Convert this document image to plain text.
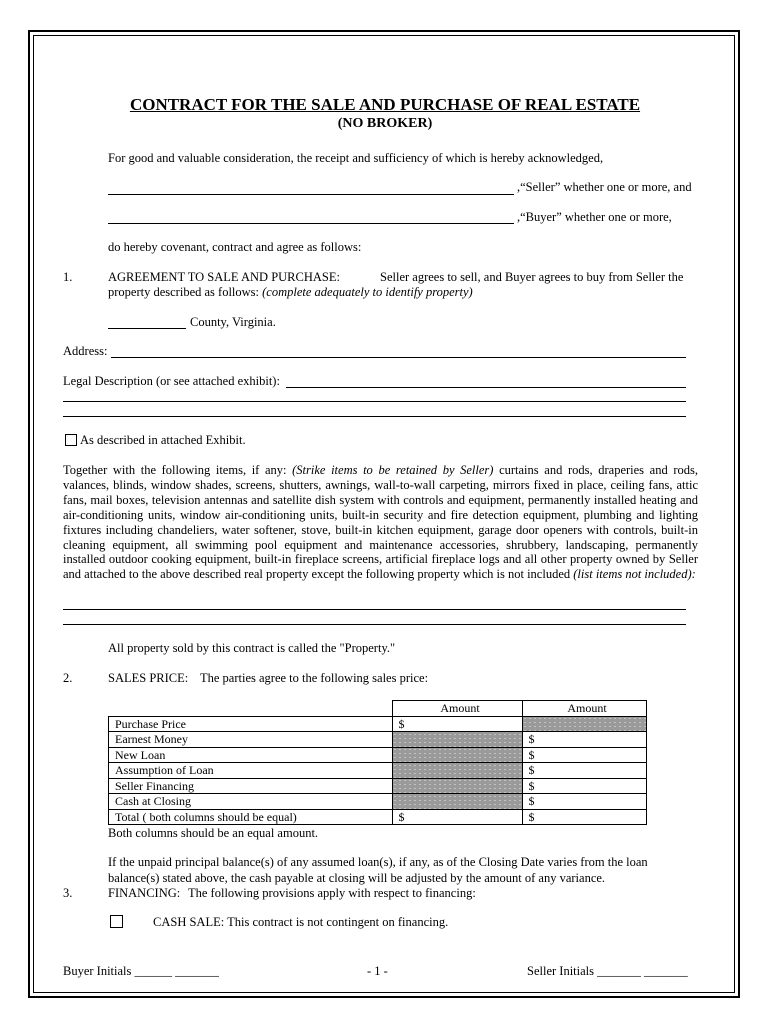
CONTRACT FOR THE SALE AND PURCHASE OF REAL ESTATE
(NO BROKER)
For good and valuable consideration, the receipt and sufficiency of which is hereby acknowledged,
,“Seller” whether one or more, and
,“Buyer” whether one or more,
do hereby covenant, contract and agree as follows:
1.	AGREEMENT TO SALE AND PURCHASE:	Seller agrees to sell, and Buyer agrees to buy from Seller the
property described as follows: (complete adequately to identify property)
County, Virginia.
Address:
Legal Description (or see attached exhibit):
As described in attached Exhibit.
Together with the following items, if any: (Strike items to be retained by Seller) curtains and rods, draperies and rods, valances, blinds, window shades, screens, shutters, awnings, wall-to-wall carpeting, mirrors fixed in place, ceiling fans, attic fans, mail boxes, television antennas and satellite dish system with controls and equipment, permanently installed heating and air-conditioning units, window air-conditioning units, built-in security and fire detection equipment, plumbing and lighting fixtures including chandeliers, water softener, stove, built-in kitchen equipment, garage door openers with controls, built-in cleaning equipment, all swimming pool equipment and maintenance accessories, shrubbery, landscaping, permanently installed outdoor cooking equipment, built-in fireplace screens, artificial fireplace logs and all other property owned by Seller and attached to the above described real property except the following property which is not included (list items not included):
All property sold by this contract is called the "Property."
2.	SALES PRICE: The parties agree to the following sales price:
	Amount	Amount
Purchase Price	$	
Earnest Money		$
New Loan		$
Assumption of Loan		$
Seller Financing		$
Cash at Closing		$
Total ( both columns should be equal)	$	$
Both columns should be an equal amount.
If the unpaid principal balance(s) of any assumed loan(s), if any, as of the Closing Date varies from the loan
balance(s) stated above, the cash payable at closing will be adjusted by the amount of any variance.
3.	FINANCING: The following provisions apply with respect to financing:
CASH SALE: This contract is not contingent on financing.
Buyer Initials ______ _______	- 1 -	Seller Initials _______ _______
